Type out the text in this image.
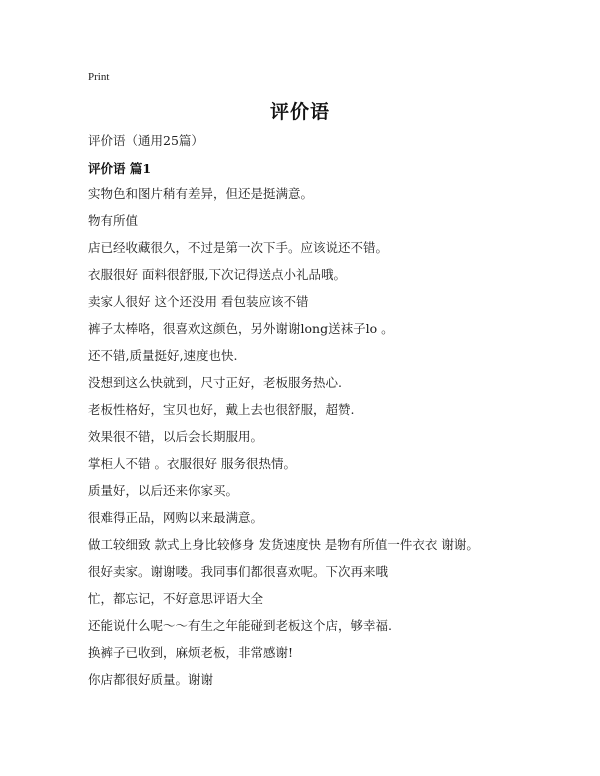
Print
评价语
评价语（通用25篇）
评价语 篇1
实物色和图片稍有差异，但还是挺满意。
物有所值
店已经收藏很久，不过是第一次下手。应该说还不错。
衣服很好 面料很舒服,下次记得送点小礼品哦。
卖家人很好 这个还没用 看包装应该不错
裤子太棒咯，很喜欢这颜色，另外谢谢long送袜子lo 。
还不错,质量挺好,速度也快.
没想到这么快就到，尺寸正好，老板服务热心.
老板性格好，宝贝也好，戴上去也很舒服，超赞.
效果很不错，以后会长期服用。
掌柜人不错 。衣服很好 服务很热情。
质量好，以后还来你家买。
很难得正品，网购以来最满意。
做工较细致 款式上身比较修身 发货速度快 是物有所值一件衣衣 谢谢。
很好卖家。谢谢喽。我同事们都很喜欢呢。下次再来哦
忙，都忘记，不好意思评语大全
还能说什么呢～～有生之年能碰到老板这个店，够幸福.
换裤子已收到，麻烦老板，非常感谢!
你店都很好质量。谢谢
